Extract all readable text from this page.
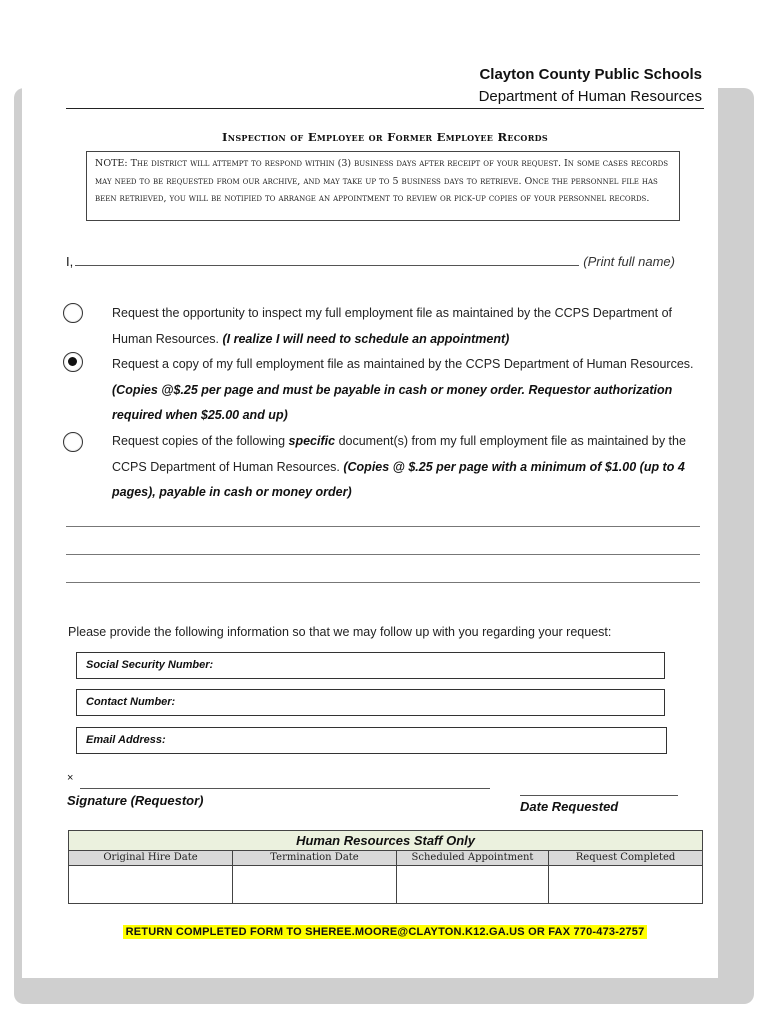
Clayton County Public Schools
Department of Human Resources
Inspection of Employee or Former Employee Records
NOTE: The district will attempt to respond within (3) business days after receipt of your request. In some cases records may need to be requested from our archive, and may take up to 5 business days to retrieve. Once the personnel file has been retrieved, you will be notified to arrange an appointment to review or pick-up copies of your personnel records.
I,	(Print full name)
Request the opportunity to inspect my full employment file as maintained by the CCPS Department of Human Resources. (I realize I will need to schedule an appointment)
Request a copy of my full employment file as maintained by the CCPS Department of Human Resources. (Copies @$.25 per page and must be payable in cash or money order. Requestor authorization required when $25.00 and up)
Request copies of the following specific document(s) from my full employment file as maintained by the CCPS Department of Human Resources. (Copies @ $.25 per page with a minimum of $1.00 (up to 4 pages), payable in cash or money order)
Please provide the following information so that we may follow up with you regarding your request:
Social Security Number:
Contact Number:
Email Address:
×
Signature (Requestor)	Date Requested
Human Resources Staff Only			
Original Hire Date	Termination Date	Scheduled Appointment	Request Completed

RETURN COMPLETED FORM TO SHEREE.MOORE@CLAYTON.K12.GA.US OR FAX 770-473-2757
